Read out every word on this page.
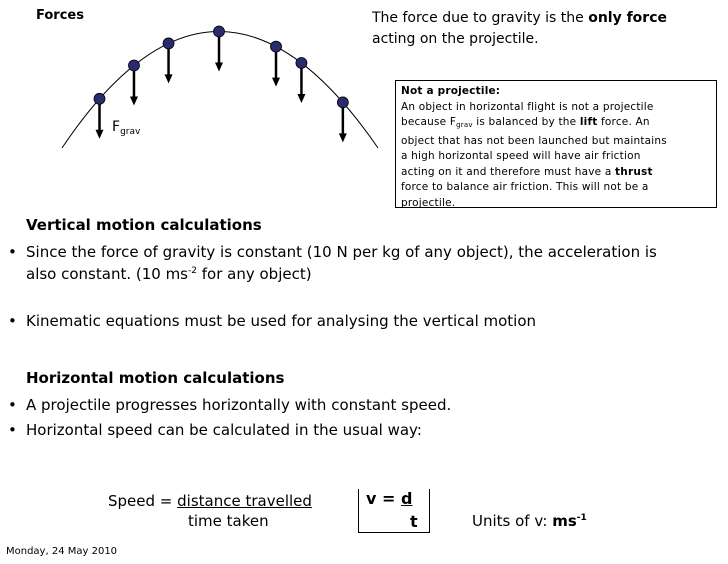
Forces	The force due to gravity is the only force
acting on the projectile.
$F_{grav}$
Not a projectile:
An object in horizontal flight is not a projectile
because $F_{grav}$ is balanced by the lift force. An
object that has not been launched but maintains
a high horizontal speed will have air friction
acting on it and therefore must have a thrust
force to balance air friction. This will not be a
projectile.
Vertical motion calculations
• Since the force of gravity is constant (10 N per kg of any object), the acceleration is
also constant. (10 $ms^{-2}$ for any object)
• Kinematic equations must be used for analysing the vertical motion
Horizontal motion calculations
• A projectile progresses horizontally with constant speed.
• Horizontal speed can be calculated in the usual way:
Speed = distance travelled
time taken
v = d
t	Units of v: $ms^{-1}$
Monday, 24 May 2010
